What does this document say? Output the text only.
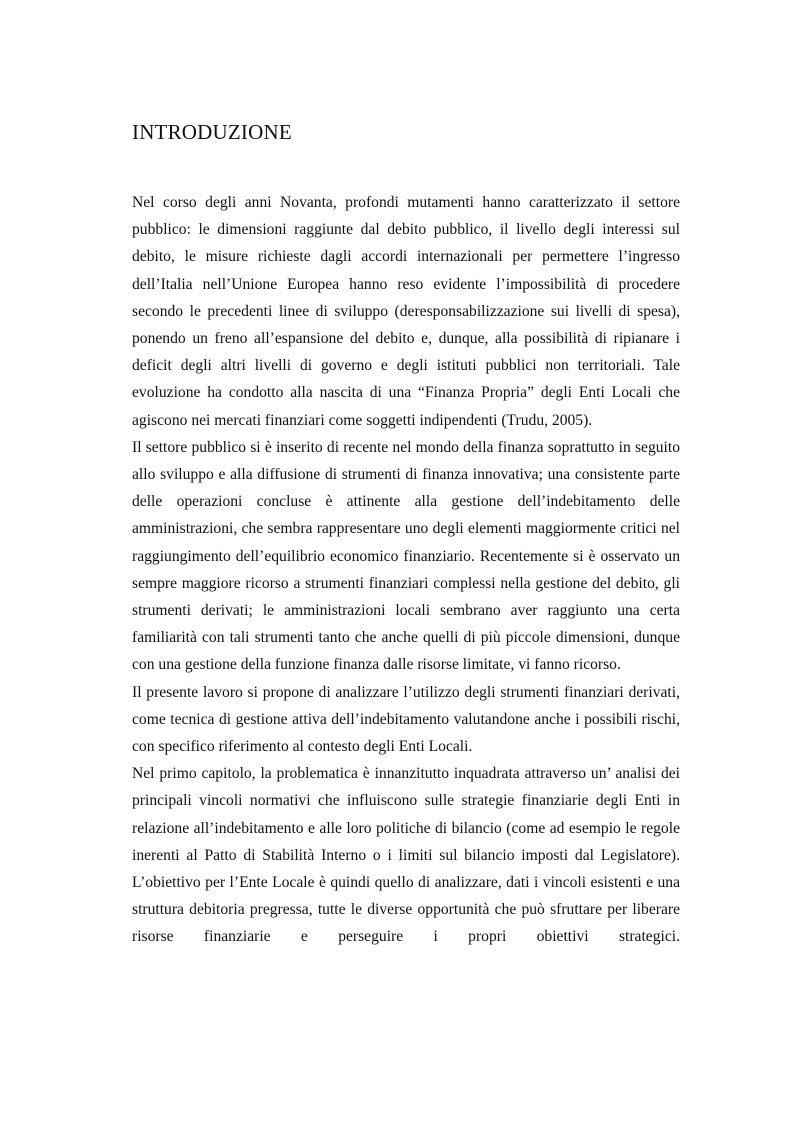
INTRODUZIONE

Nel corso degli anni Novanta, profondi mutamenti hanno caratterizzato il settore pubblico: le dimensioni raggiunte dal debito pubblico, il livello degli interessi sul debito, le misure richieste dagli accordi internazionali per permettere l’ingresso dell’Italia nell’Unione Europea hanno reso evidente l’impossibilità di procedere secondo le precedenti linee di sviluppo (deresponsabilizzazione sui livelli di spesa), ponendo un freno all’espansione del debito e, dunque, alla possibilità di ripianare i deficit degli altri livelli di governo e degli istituti pubblici non territoriali. Tale evoluzione ha condotto alla nascita di una “Finanza Propria” degli Enti Locali che agiscono nei mercati finanziari come soggetti indipendenti (Trudu, 2005).

Il settore pubblico si è inserito di recente nel mondo della finanza soprattutto in seguito allo sviluppo e alla diffusione di strumenti di finanza innovativa; una consistente parte delle operazioni concluse è attinente alla gestione dell’indebitamento delle amministrazioni, che sembra rappresentare uno degli elementi maggiormente critici nel raggiungimento dell’equilibrio economico finanziario. Recentemente si è osservato un sempre maggiore ricorso a strumenti finanziari complessi nella gestione del debito, gli strumenti derivati; le amministrazioni locali sembrano aver raggiunto una certa familiarità con tali strumenti tanto che anche quelli di più piccole dimensioni, dunque con una gestione della funzione finanza dalle risorse limitate, vi fanno ricorso.

Il presente lavoro si propone di analizzare l’utilizzo degli strumenti finanziari derivati, come tecnica di gestione attiva dell’indebitamento valutandone anche i possibili rischi, con specifico riferimento al contesto degli Enti Locali.

Nel primo capitolo, la problematica è innanzitutto inquadrata attraverso un’ analisi dei principali vincoli normativi che influiscono sulle strategie finanziarie degli Enti in relazione all’indebitamento e alle loro politiche di bilancio (come ad esempio le regole inerenti al Patto di Stabilità Interno o i limiti sul bilancio imposti dal Legislatore). L’obiettivo per l’Ente Locale è quindi quello di analizzare, dati i vincoli esistenti e una struttura debitoria pregressa, tutte le diverse opportunità che può sfruttare per liberare risorse finanziarie e perseguire i propri obiettivi strategici.
